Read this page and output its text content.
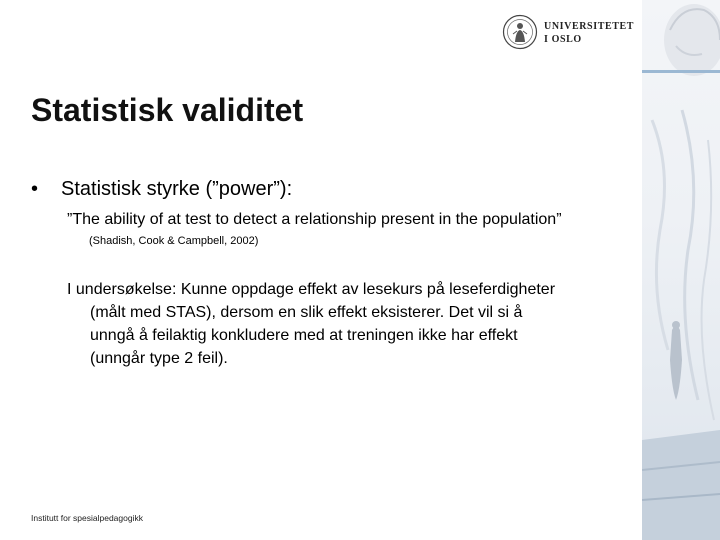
UNIVERSITETET
I OSLO
Statistisk validitet
• Statistisk styrke (”power”):
”The ability of at test to detect a relationship present in the population”
(Shadish, Cook & Campbell, 2002)
I undersøkelse: Kunne oppdage effekt av lesekurs på leseferdigheter
(målt med STAS), dersom en slik effekt eksisterer. Det vil si å
unngå å feilaktig konkludere med at treningen ikke har effekt
(unngår type 2 feil).
Institutt for spesialpedagogikk
